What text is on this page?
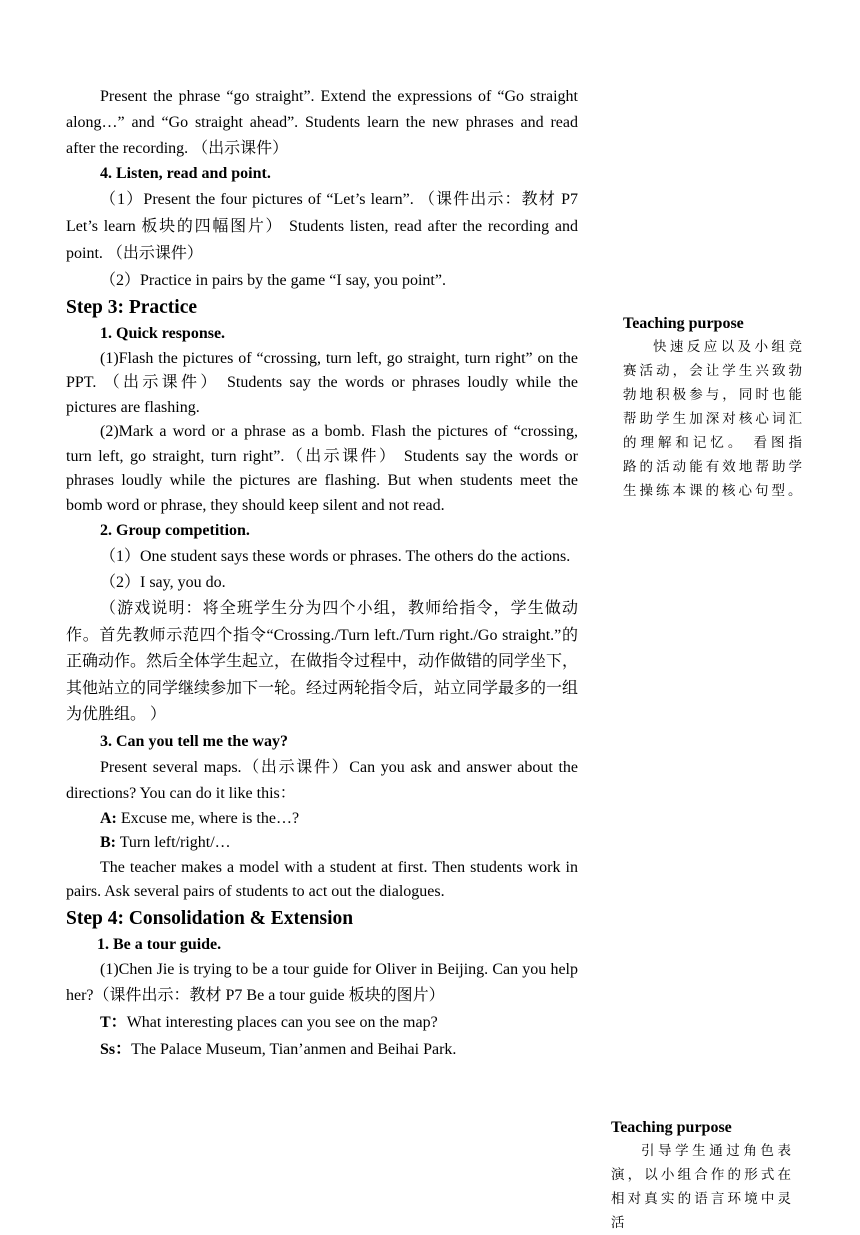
Present the phrase “go straight”. Extend the expressions of “Go straight along…” and “Go straight ahead”. Students learn the new phrases and read after the recording. （出示课件）

4. Listen, read and point.

（1）Present the four pictures of “Let’s learn”. （课件出示：教材 P7 Let’s learn 板块的四幅图片） Students listen, read after the recording and point. （出示课件）

（2）Practice in pairs by the game “I say, you point”.

Step 3: Practice

1. Quick response.

(1)Flash the pictures of “crossing, turn left, go straight, turn right” on the PPT. （出示课件） Students say the words or phrases loudly while the pictures are flashing.

(2)Mark a word or a phrase as a bomb. Flash the pictures of “crossing, turn left, go straight, turn right”.（出示课件） Students say the words or phrases loudly while the pictures are flashing. But when students meet the bomb word or phrase, they should keep silent and not read.

2. Group competition.

（1）One student says these words or phrases. The others do the actions.

（2）I say, you do.

（游戏说明：将全班学生分为四个小组，教师给指令，学生做动作。首先教师示范四个指令“Crossing./Turn left./Turn right./Go straight.”的正确动作。然后全体学生起立，在做指令过程中，动作做错的同学坐下，其他站立的同学继续参加下一轮。经过两轮指令后，站立同学最多的一组为优胜组。 ）

3. Can you tell me the way?

Present several maps.（出示课件）Can you ask and answer about the directions? You can do it like this：

A: Excuse me, where is the…?

B: Turn left/right/…

The teacher makes a model with a student at first. Then students work in pairs. Ask several pairs of students to act out the dialogues.

Step 4: Consolidation & Extension

1. Be a tour guide.

(1)Chen Jie is trying to be a tour guide for Oliver in Beijing. Can you help her?（课件出示：教材 P7 Be a tour guide 板块的图片）

T：What interesting places can you see on the map?

Ss：The Palace Museum, Tian’anmen and Beihai Park.

Teaching purpose

快速反应以及小组竞赛活动，会让学生兴致勃勃地积极参与，同时也能帮助学生加深对核心词汇的理解和记忆。 看图指路的活动能有效地帮助学生操练本课的核心句型。

Teaching purpose

引导学生通过角色表演，以小组合作的形式在相对真实的语言环境中灵活
